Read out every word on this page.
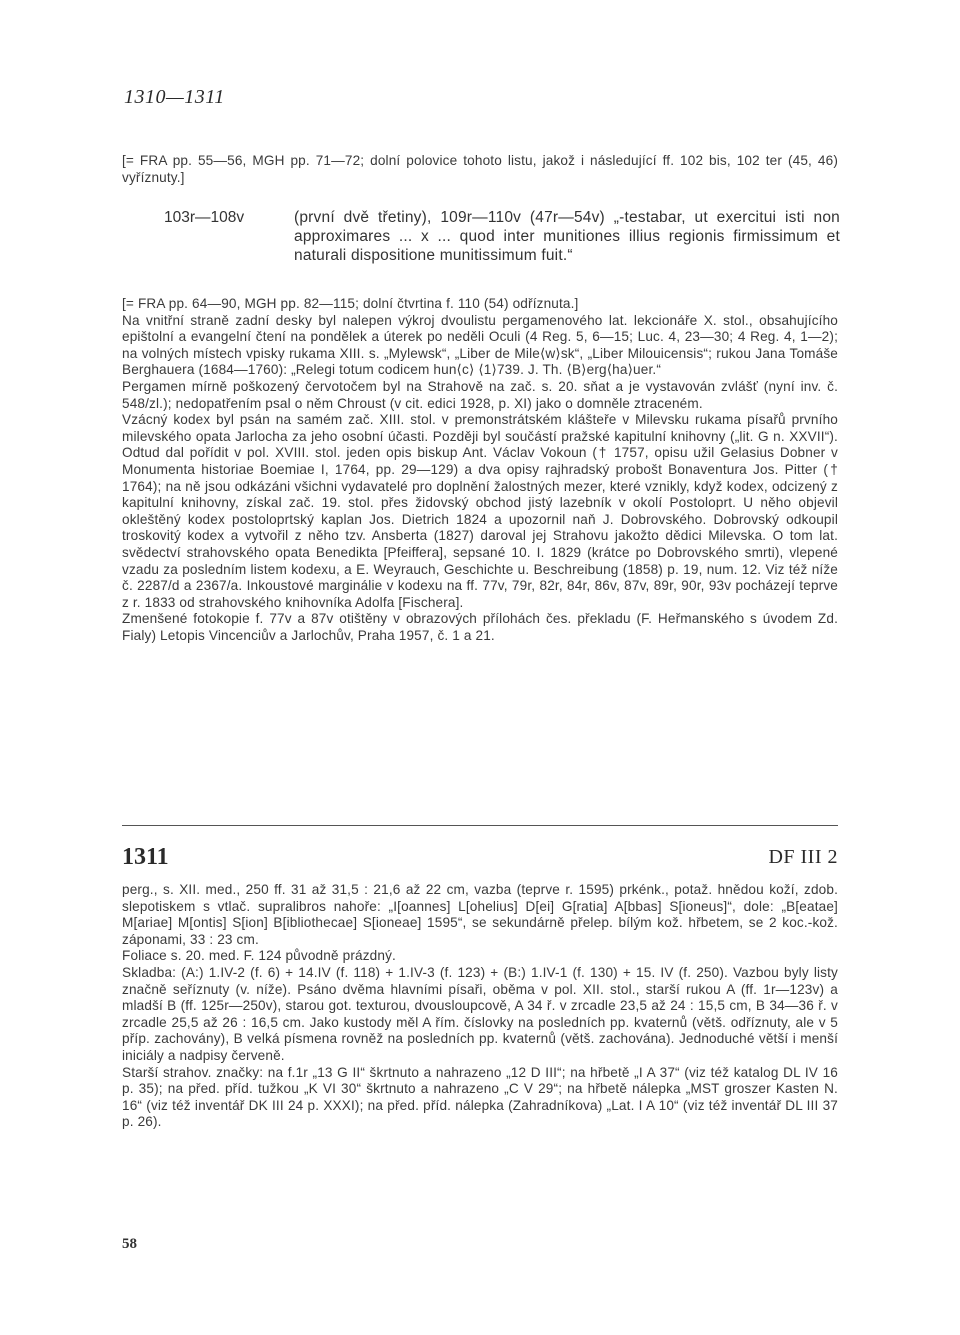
1310—1311

[= FRA pp. 55—56, MGH pp. 71—72; dolní polovice tohoto listu, jakož i následující ff. 102 bis, 102 ter (45, 46) vyříznuty.]

103r—108v	(první dvě třetiny), 109r—110v (47r—54v) „-testabar, ut exercitui isti non approximares ... x ... quod inter munitiones illius regionis firmissimum et naturali dispositione munitissimum fuit.“

[= FRA pp. 64—90, MGH pp. 82—115; dolní čtvrtina f. 110 (54) odříznuta.]

Na vnitřní straně zadní desky byl nalepen výkroj dvoulistu pergamenového lat. lekcionáře X. stol., obsahujícího epištolní a evangelní čtení na pondělek a úterek po neděli Oculi (4 Reg. 5, 6—15; Luc. 4, 23—30; 4 Reg. 4, 1—2); na volných místech vpisky rukama XIII. s. „Mylewsk“, „Liber de Mile⟨w⟩sk“, „Liber Milouicensis“; rukou Jana Tomáše Berghauera (1684—1760): „Relegi totum codicem hun⟨c⟩ ⟨1⟩739. J. Th. ⟨B⟩erg⟨ha⟩uer.“

Pergamen mírně poškozený červotočem byl na Strahově na zač. s. 20. sňat a je vystavován zvlášť (nyní inv. č. 548/zl.); nedopatřením psal o něm Chroust (v cit. edici 1928, p. XI) jako o domněle ztraceném.

Vzácný kodex byl psán na samém zač. XIII. stol. v premonstrátském klášteře v Milevsku rukama písařů prvního milevského opata Jarlocha za jeho osobní účasti. Později byl součástí pražské kapitulní knihovny („lit. G n. XXVII“). Odtud dal pořídit v pol. XVIII. stol. jeden opis biskup Ant. Václav Vokoun († 1757, opisu užil Gelasius Dobner v Monumenta historiae Boemiae I, 1764, pp. 29—129) a dva opisy rajhradský probošt Bonaventura Jos. Pitter († 1764); na ně jsou odkázáni všichni vydavatelé pro doplnění žalostných mezer, které vznikly, když kodex, odcizený z kapitulní knihovny, získal zač. 19. stol. přes židovský obchod jistý lazebník v okolí Postoloprt. U něho objevil okleštěný kodex postoloprtský kaplan Jos. Dietrich 1824 a upozornil naň J. Dobrovského. Dobrovský odkoupil troskovitý kodex a vytvořil z něho tzv. Ansberta (1827) daroval jej Strahovu jakožto dědici Milevska. O tom lat. svědectví strahovského opata Benedikta [Pfeiffera], sepsané 10. I. 1829 (krátce po Dobrovského smrti), vlepené vzadu za posledním listem kodexu, a E. Weyrauch, Geschichte u. Beschreibung (1858) p. 19, num. 12. Viz též níže č. 2287/d a 2367/a. Inkoustové marginálie v kodexu na ff. 77v, 79r, 82r, 84r, 86v, 87v, 89r, 90r, 93v pocházejí teprve z r. 1833 od strahovského knihovníka Adolfa [Fischera].

Zmenšené fotokopie f. 77v a 87v otištěny v obrazových přílohách čes. překladu (F. Heřmanského s úvodem Zd. Fialy) Letopis Vincenciův a Jarlochův, Praha 1957, č. 1 a 21.

1311	DF III 2

perg., s. XII. med., 250 ff. 31 až 31,5 : 21,6 až 22 cm, vazba (teprve r. 1595) prkénk., potaž. hnědou koží, zdob. slepotiskem s vtlač. supralibros nahoře: „I[oannes] L[ohelius] D[ei] G[ratia] A[bbas] S[ioneus]“, dole: „B[eatae] M[ariae] M[ontis] S[ion] B[ibliothecae] S[ioneae] 1595“, se sekundárně přelep. bílým kož. hřbetem, se 2 koc.-kož. záponami, 33 : 23 cm.

Foliace s. 20. med. F. 124 původně prázdný.

Skladba: (A:) 1.IV-2 (f. 6) + 14.IV (f. 118) + 1.IV-3 (f. 123) + (B:) 1.IV-1 (f. 130) + 15. IV (f. 250). Vazbou byly listy značně seříznuty (v. níže). Psáno dvěma hlavními písaři, oběma v pol. XII. stol., starší rukou A (ff. 1r—123v) a mladší B (ff. 125r—250v), starou got. texturou, dvousloupcově, A 34 ř. v zrcadle 23,5 až 24 : 15,5 cm, B 34—36 ř. v zrcadle 25,5 až 26 : 16,5 cm. Jako kustody měl A řím. číslovky na posledních pp. kvaternů (větš. odříznuty, ale v 5 příp. zachovány), B velká písmena rovněž na posledních pp. kvaternů (větš. zachována). Jednoduché větší i menší iniciály a nadpisy červeně.

Starší strahov. značky: na f.1r „13 G II“ škrtnuto a nahrazeno „12 D III“; na hřbetě „I A 37“ (viz též katalog DL IV 16 p. 35); na před. příd. tužkou „K VI 30“ škrtnuto a nahrazeno „C V 29“; na hřbetě nálepka „MST groszer Kasten N. 16“ (viz též inventář DK III 24 p. XXXI); na před. příd. nálepka (Zahradníkova) „Lat. I A 10“ (viz též inventář DL III 37 p. 26).

58
